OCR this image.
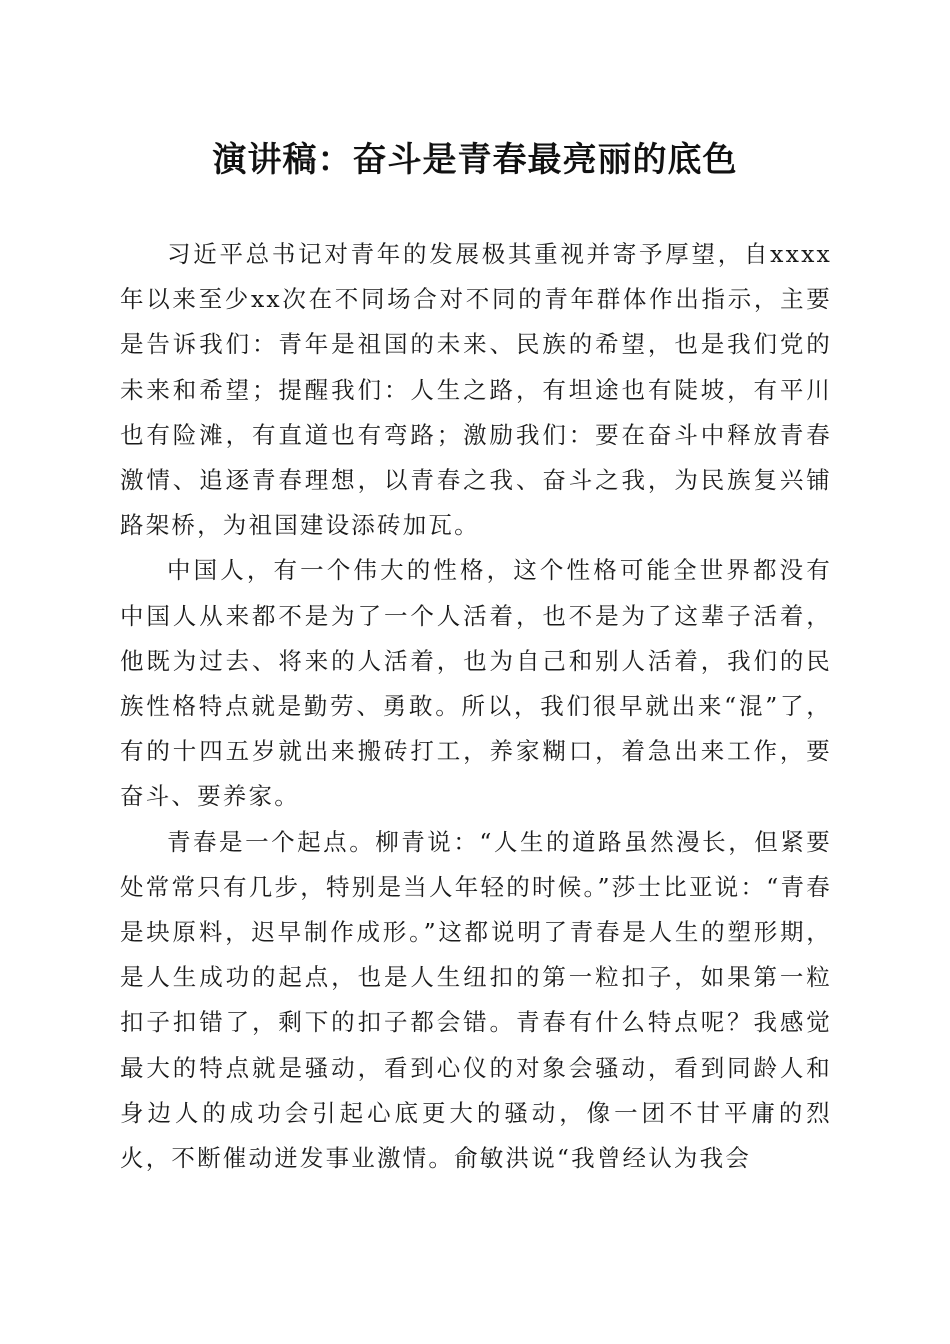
演讲稿：奋斗是青春最亮丽的底色

习近平总书记对青年的发展极其重视并寄予厚望，自xxxx年以来至少xx次在不同场合对不同的青年群体作出指示，主要是告诉我们：青年是祖国的未来、民族的希望，也是我们党的未来和希望；提醒我们：人生之路，有坦途也有陡坡，有平川也有险滩，有直道也有弯路；激励我们：要在奋斗中释放青春激情、追逐青春理想，以青春之我、奋斗之我，为民族复兴铺路架桥，为祖国建设添砖加瓦。

中国人，有一个伟大的性格，这个性格可能全世界都没有中国人从来都不是为了一个人活着，也不是为了这辈子活着，他既为过去、将来的人活着，也为自己和别人活着，我们的民族性格特点就是勤劳、勇敢。所以，我们很早就出来“混”了，有的十四五岁就出来搬砖打工，养家糊口，着急出来工作，要奋斗、要养家。

青春是一个起点。柳青说：“人生的道路虽然漫长，但紧要处常常只有几步，特别是当人年轻的时候。”莎士比亚说：“青春是块原料，迟早制作成形。”这都说明了青春是人生的塑形期，是人生成功的起点，也是人生纽扣的第一粒扣子，如果第一粒扣子扣错了，剩下的扣子都会错。青春有什么特点呢？我感觉最大的特点就是骚动，看到心仪的对象会骚动，看到同龄人和身边人的成功会引起心底更大的骚动，像一团不甘平庸的烈火，不断催动迸发事业激情。俞敏洪说“我曾经认为我会
